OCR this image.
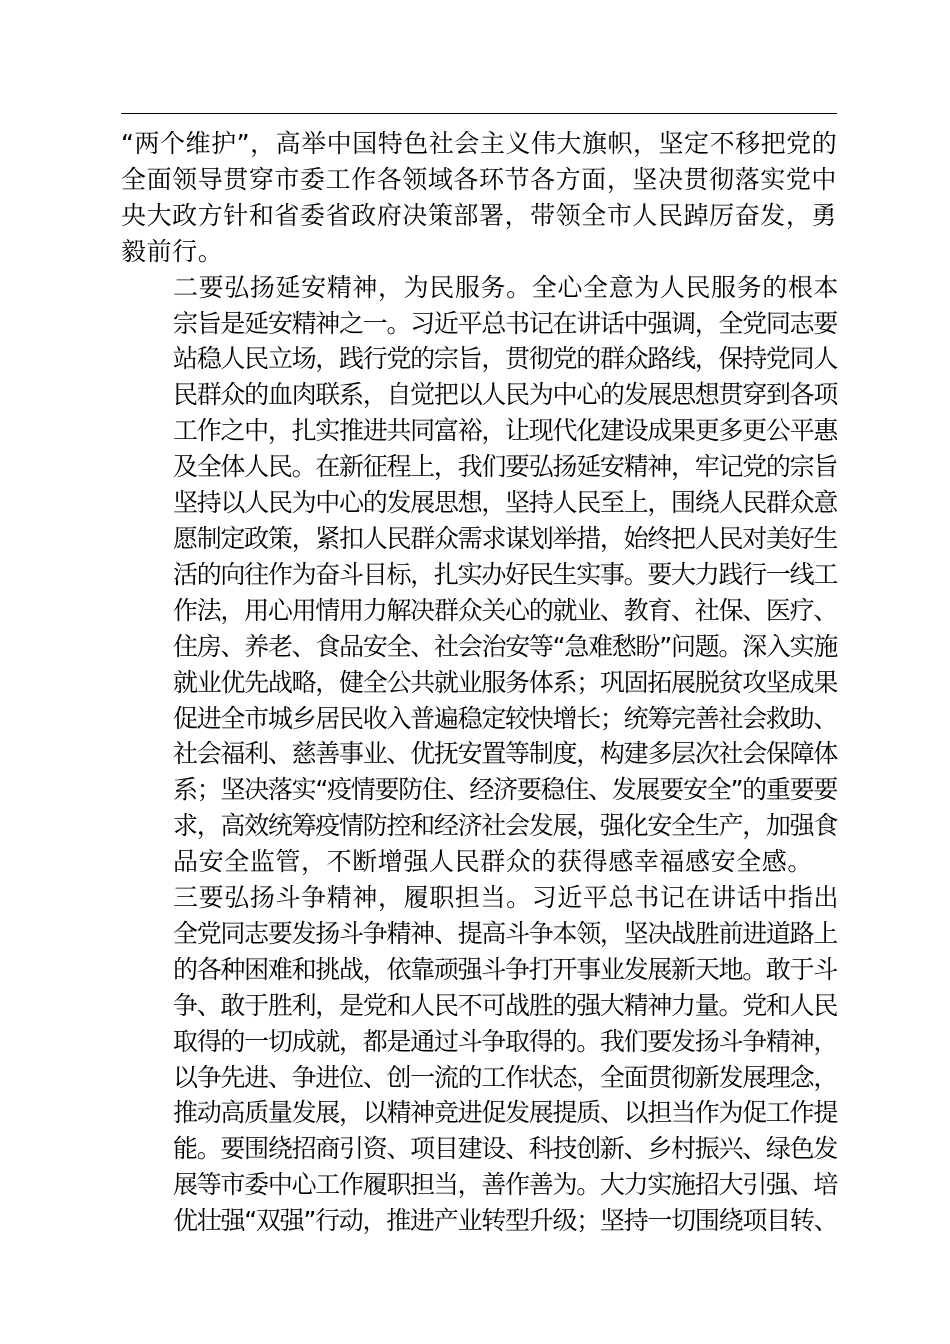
“两个维护”，高举中国特色社会主义伟大旗帜，坚定不移把党的
全面领导贯穿市委工作各领域各环节各方面，坚决贯彻落实党中
央大政方针和省委省政府决策部署，带领全市人民踔厉奋发，勇
毅前行。

二要弘扬延安精神，为民服务。全心全意为人民服务的根本
宗旨是延安精神之一。习近平总书记在讲话中强调，全党同志要
站稳人民立场，践行党的宗旨，贯彻党的群众路线，保持党同人
民群众的血肉联系，自觉把以人民为中心的发展思想贯穿到各项
工作之中，扎实推进共同富裕，让现代化建设成果更多更公平惠
及全体人民。在新征程上，我们要弘扬延安精神，牢记党的宗旨
坚持以人民为中心的发展思想，坚持人民至上，围绕人民群众意
愿制定政策，紧扣人民群众需求谋划举措，始终把人民对美好生
活的向往作为奋斗目标，扎实办好民生实事。要大力践行一线工
作法，用心用情用力解决群众关心的就业、教育、社保、医疗、
住房、养老、食品安全、社会治安等“急难愁盼”问题。深入实施
就业优先战略，健全公共就业服务体系；巩固拓展脱贫攻坚成果
促进全市城乡居民收入普遍稳定较快增长；统筹完善社会救助、
社会福利、慈善事业、优抚安置等制度，构建多层次社会保障体
系；坚决落实“疫情要防住、经济要稳住、发展要安全”的重要要
求，高效统筹疫情防控和经济社会发展，强化安全生产，加强食
品安全监管，不断增强人民群众的获得感幸福感安全感。

三要弘扬斗争精神，履职担当。习近平总书记在讲话中指出
全党同志要发扬斗争精神、提高斗争本领，坚决战胜前进道路上
的各种困难和挑战，依靠顽强斗争打开事业发展新天地。敢于斗
争、敢于胜利，是党和人民不可战胜的强大精神力量。党和人民
取得的一切成就，都是通过斗争取得的。我们要发扬斗争精神，
以争先进、争进位、创一流的工作状态，全面贯彻新发展理念，
推动高质量发展，以精神竞进促发展提质、以担当作为促工作提
能。要围绕招商引资、项目建设、科技创新、乡村振兴、绿色发
展等市委中心工作履职担当，善作善为。大力实施招大引强、培
优壮强“双强”行动，推进产业转型升级；坚持一切围绕项目转、
